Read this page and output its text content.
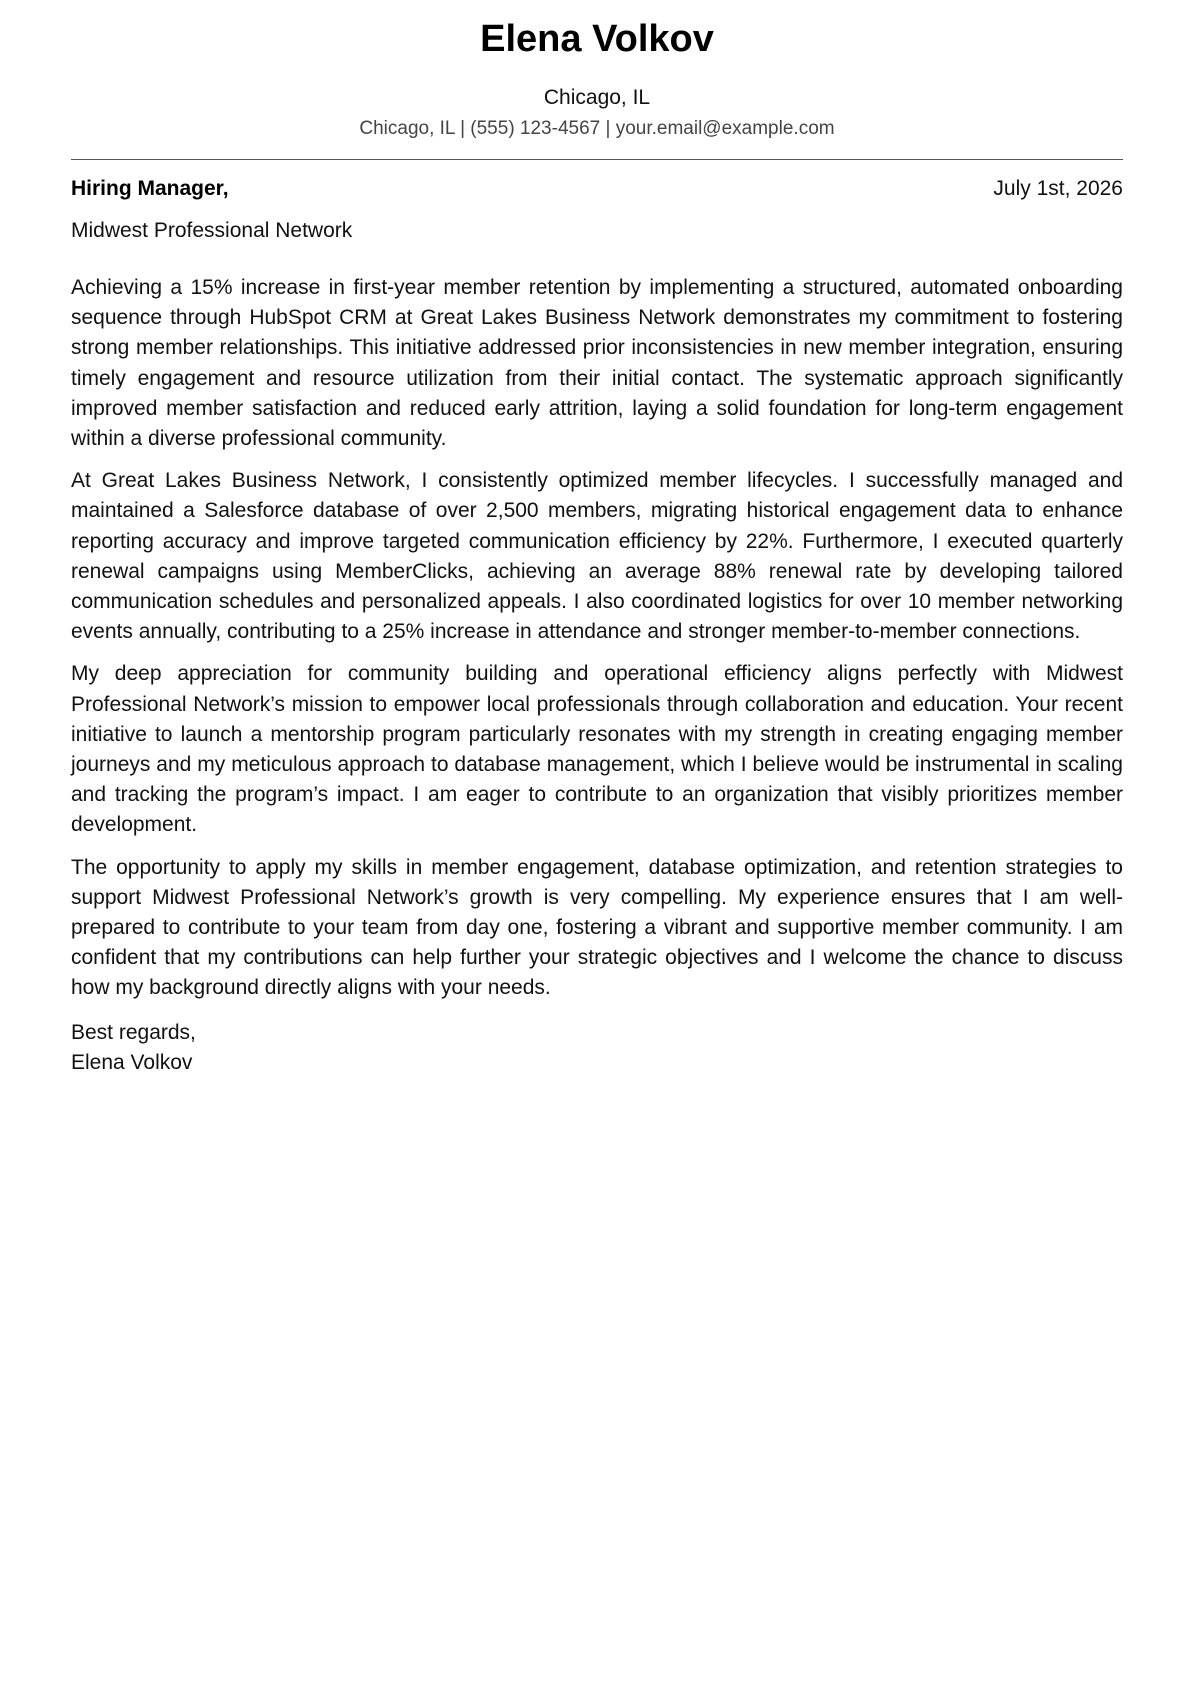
Elena Volkov
Chicago, IL
Chicago, IL | (555) 123-4567 | your.email@example.com
Hiring Manager,	July 1st, 2026
Midwest Professional Network

Achieving a 15% increase in first-year member retention by implementing a structured, automated onboarding sequence through HubSpot CRM at Great Lakes Business Network demonstrates my commitment to fostering strong member relationships. This initiative addressed prior inconsistencies in new member integration, ensuring timely engagement and resource utilization from their initial contact. The systematic approach significantly improved member satisfaction and reduced early attrition, laying a solid foundation for long-term engagement within a diverse professional community.

At Great Lakes Business Network, I consistently optimized member lifecycles. I successfully managed and maintained a Salesforce database of over 2,500 members, migrating historical engagement data to enhance reporting accuracy and improve targeted communication efficiency by 22%. Furthermore, I executed quarterly renewal campaigns using MemberClicks, achieving an average 88% renewal rate by developing tailored communication schedules and personalized appeals. I also coordinated logistics for over 10 member networking events annually, contributing to a 25% increase in attendance and stronger member-to-member connections.

My deep appreciation for community building and operational efficiency aligns perfectly with Midwest Professional Network’s mission to empower local professionals through collaboration and education. Your recent initiative to launch a mentorship program particularly resonates with my strength in creating engaging member journeys and my meticulous approach to database management, which I believe would be instrumental in scaling and tracking the program’s impact. I am eager to contribute to an organization that visibly prioritizes member development.

The opportunity to apply my skills in member engagement, database optimization, and retention strategies to support Midwest Professional Network’s growth is very compelling. My experience ensures that I am well-prepared to contribute to your team from day one, fostering a vibrant and supportive member community. I am confident that my contributions can help further your strategic objectives and I welcome the chance to discuss how my background directly aligns with your needs.

Best regards,
Elena Volkov
